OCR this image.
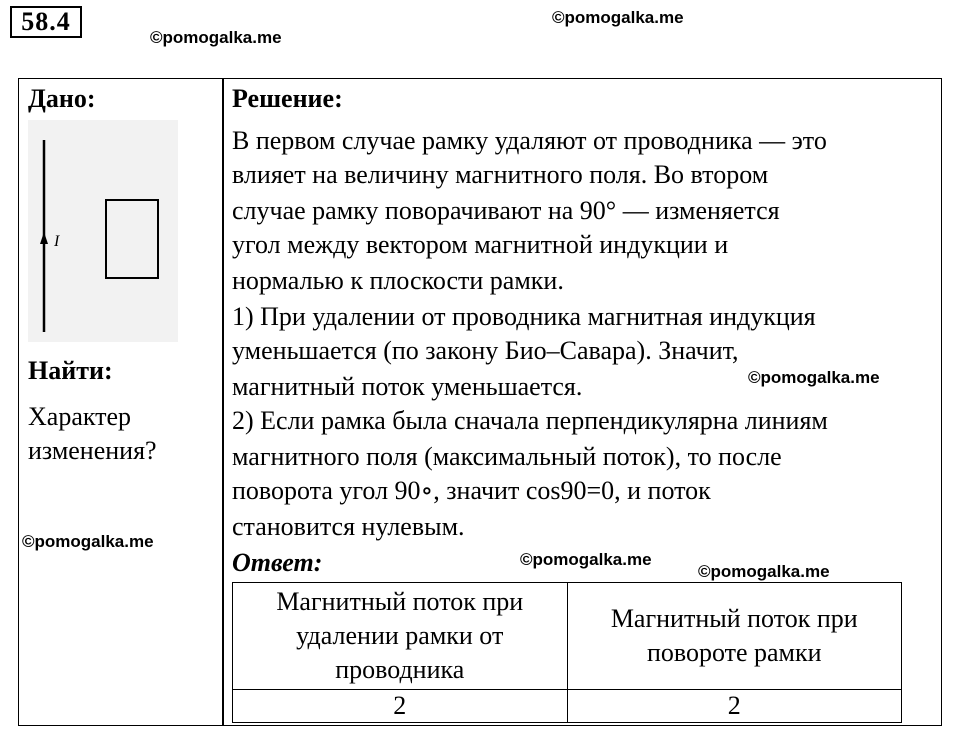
58.4
©pomogalka.me
©pomogalka.me
©pomogalka.me
©pomogalka.me
©pomogalka.me
©pomogalka.me
Дано:
I
Найти:
Характер
изменения?
Решение:
В первом случае рамку удаляют от проводника — это
влияет на величину магнитного поля. Во втором
случае рамку поворачивают на 90° — изменяется
угол между вектором магнитной индукции и
нормалью к плоскости рамки.
1) При удалении от проводника магнитная индукция
уменьшается (по закону Био–Савара). Значит,
магнитный поток уменьшается.
2) Если рамка была сначала перпендикулярна линиям
магнитного поля (максимальный поток), то после
поворота угол 90∘, значит cos90=0, и поток
становится нулевым.
Ответ:
Магнитный поток при удалении рамки от проводника	Магнитный поток при повороте рамки
2	2
